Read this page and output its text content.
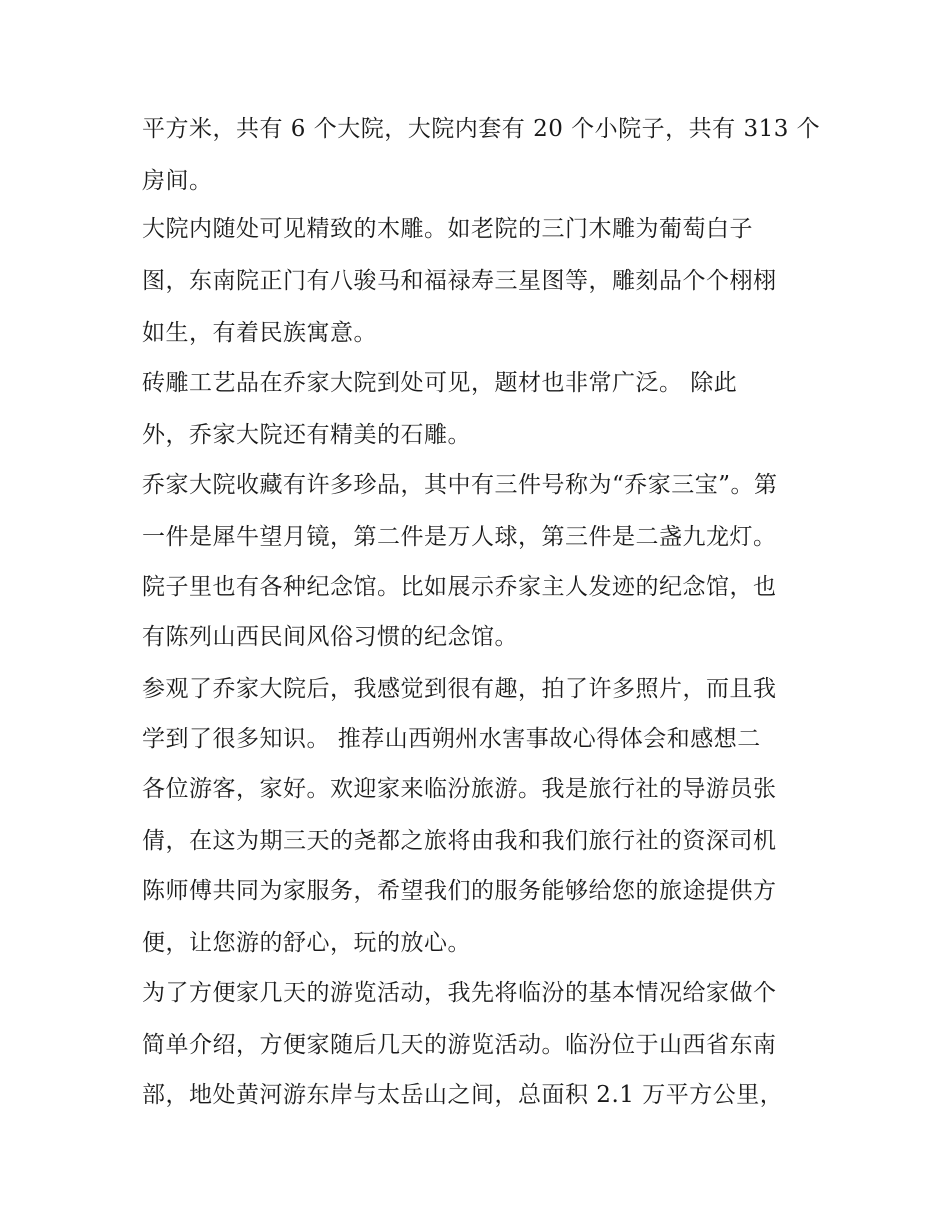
平方米，共有 6 个大院，大院内套有 20 个小院子，共有 313 个
房间。
大院内随处可见精致的木雕。如老院的三门木雕为葡萄白子
图，东南院正门有八骏马和福禄寿三星图等，雕刻品个个栩栩
如生，有着民族寓意。
砖雕工艺品在乔家大院到处可见，题材也非常广泛。 除此
外，乔家大院还有精美的石雕。
乔家大院收藏有许多珍品，其中有三件号称为“乔家三宝”。第
一件是犀牛望月镜，第二件是万人球，第三件是二盏九龙灯。
院子里也有各种纪念馆。比如展示乔家主人发迹的纪念馆，也
有陈列山西民间风俗习惯的纪念馆。
参观了乔家大院后，我感觉到很有趣，拍了许多照片，而且我
学到了很多知识。 推荐山西朔州水害事故心得体会和感想二
各位游客，家好。欢迎家来临汾旅游。我是旅行社的导游员张
倩，在这为期三天的尧都之旅将由我和我们旅行社的资深司机
陈师傅共同为家服务，希望我们的服务能够给您的旅途提供方
便，让您游的舒心，玩的放心。
为了方便家几天的游览活动，我先将临汾的基本情况给家做个
简单介绍，方便家随后几天的游览活动。临汾位于山西省东南
部，地处黄河游东岸与太岳山之间，总面积 2.1 万平方公里，
